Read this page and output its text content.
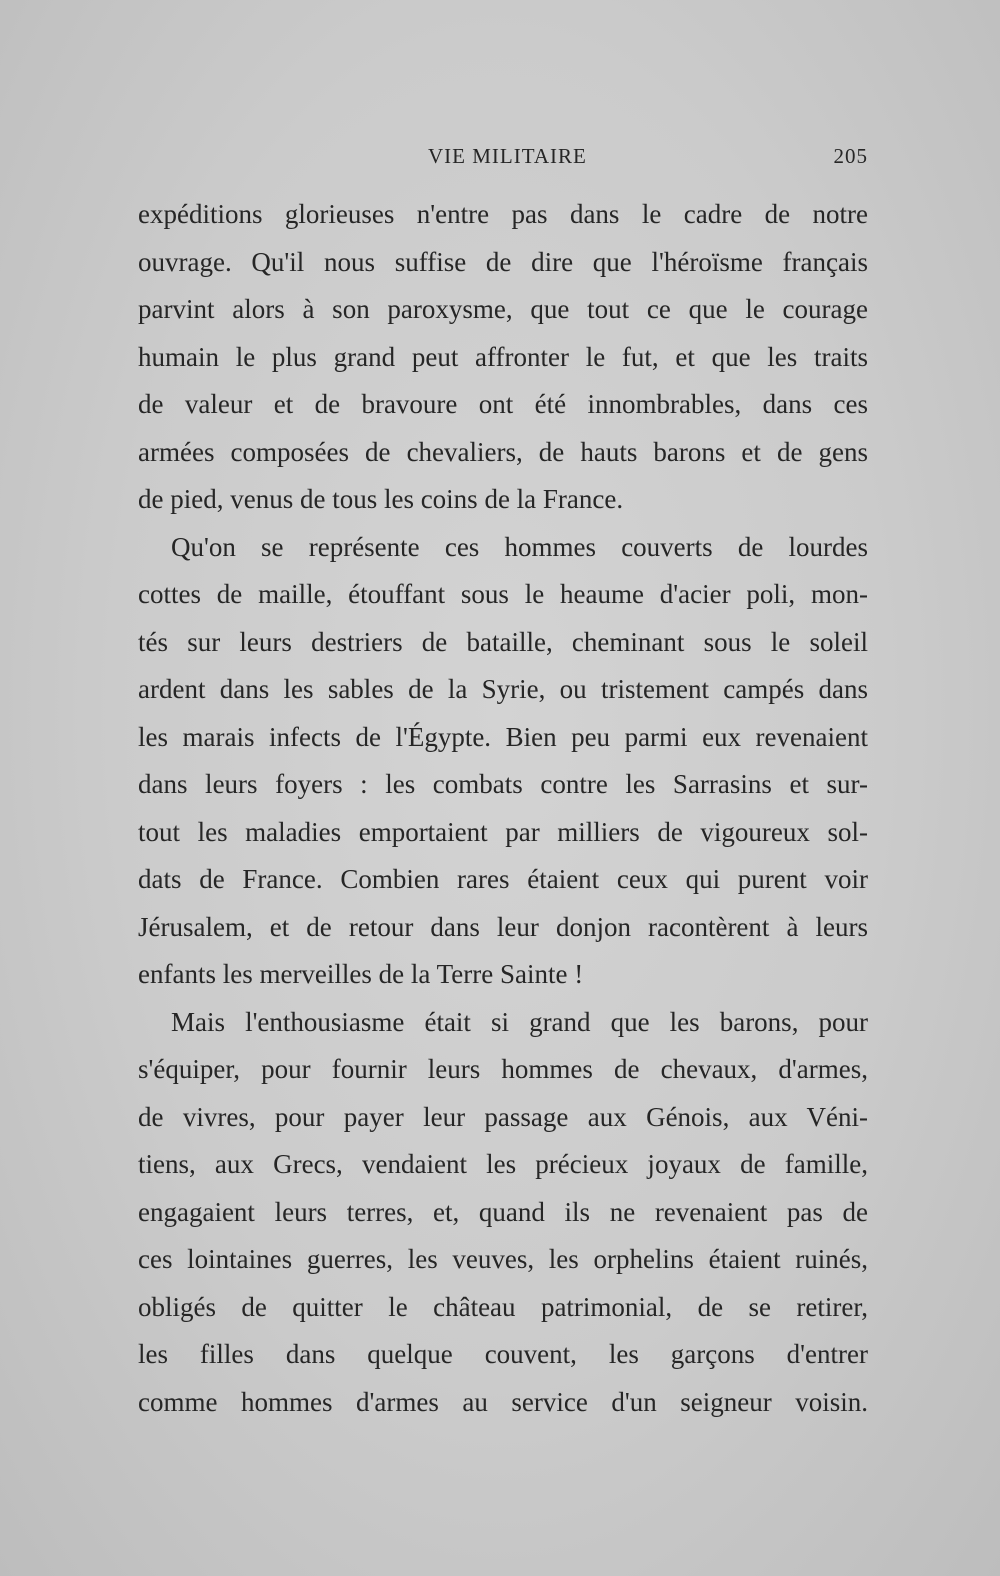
VIE MILITAIRE	205
expéditions glorieuses n'entre pas dans le cadre de notre
ouvrage. Qu'il nous suffise de dire que l'héroïsme français
parvint alors à son paroxysme, que tout ce que le courage
humain le plus grand peut affronter le fut, et que les traits
de valeur et de bravoure ont été innombrables, dans ces
armées composées de chevaliers, de hauts barons et de gens
de pied, venus de tous les coins de la France.
Qu'on se représente ces hommes couverts de lourdes
cottes de maille, étouffant sous le heaume d'acier poli, mon-
tés sur leurs destriers de bataille, cheminant sous le soleil
ardent dans les sables de la Syrie, ou tristement campés dans
les marais infects de l'Égypte. Bien peu parmi eux revenaient
dans leurs foyers : les combats contre les Sarrasins et sur-
tout les maladies emportaient par milliers de vigoureux sol-
dats de France. Combien rares étaient ceux qui purent voir
Jérusalem, et de retour dans leur donjon racontèrent à leurs
enfants les merveilles de la Terre Sainte !
Mais l'enthousiasme était si grand que les barons, pour
s'équiper, pour fournir leurs hommes de chevaux, d'armes,
de vivres, pour payer leur passage aux Génois, aux Véni-
tiens, aux Grecs, vendaient les précieux joyaux de famille,
engagaient leurs terres, et, quand ils ne revenaient pas de
ces lointaines guerres, les veuves, les orphelins étaient ruinés,
obligés de quitter le château patrimonial, de se retirer,
les filles dans quelque couvent, les garçons d'entrer
comme hommes d'armes au service d'un seigneur voisin.
